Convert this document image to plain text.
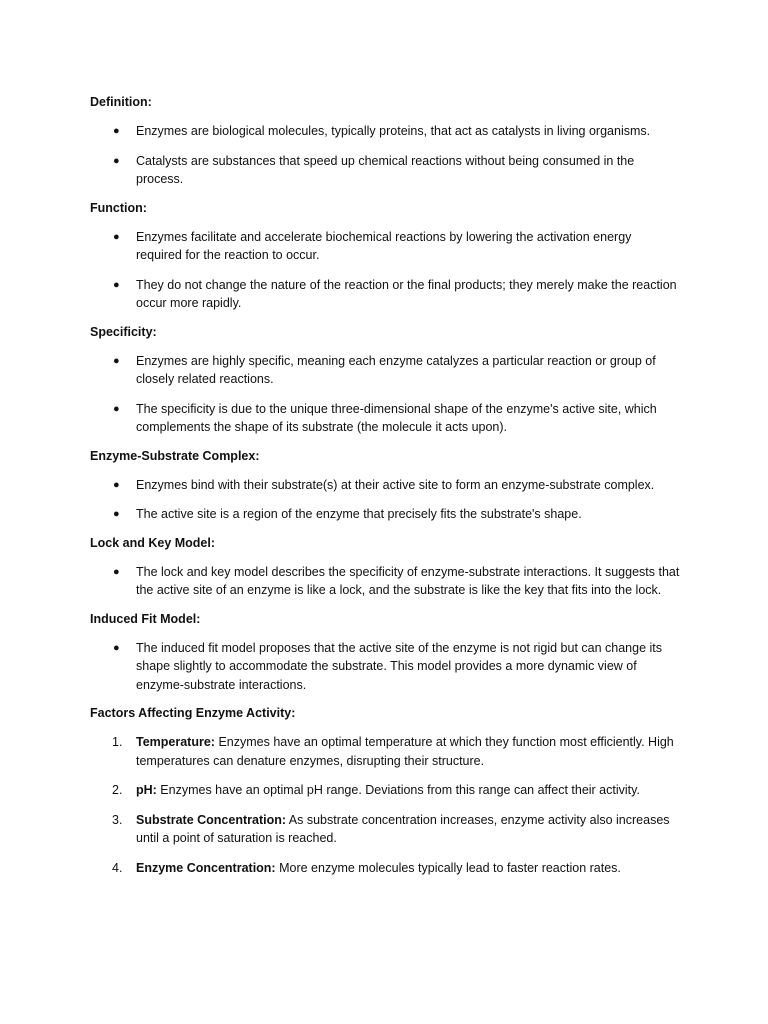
Definition:
● Enzymes are biological molecules, typically proteins, that act as catalysts in living organisms.
● Catalysts are substances that speed up chemical reactions without being consumed in the process.
Function:
● Enzymes facilitate and accelerate biochemical reactions by lowering the activation energy required for the reaction to occur.
● They do not change the nature of the reaction or the final products; they merely make the reaction occur more rapidly.
Specificity:
● Enzymes are highly specific, meaning each enzyme catalyzes a particular reaction or group of closely related reactions.
● The specificity is due to the unique three-dimensional shape of the enzyme's active site, which complements the shape of its substrate (the molecule it acts upon).
Enzyme-Substrate Complex:
● Enzymes bind with their substrate(s) at their active site to form an enzyme-substrate complex.
● The active site is a region of the enzyme that precisely fits the substrate's shape.
Lock and Key Model:
● The lock and key model describes the specificity of enzyme-substrate interactions. It suggests that the active site of an enzyme is like a lock, and the substrate is like the key that fits into the lock.
Induced Fit Model:
● The induced fit model proposes that the active site of the enzyme is not rigid but can change its shape slightly to accommodate the substrate. This model provides a more dynamic view of enzyme-substrate interactions.
Factors Affecting Enzyme Activity:
1. Temperature: Enzymes have an optimal temperature at which they function most efficiently. High temperatures can denature enzymes, disrupting their structure.
2. pH: Enzymes have an optimal pH range. Deviations from this range can affect their activity.
3. Substrate Concentration: As substrate concentration increases, enzyme activity also increases until a point of saturation is reached.
4. Enzyme Concentration: More enzyme molecules typically lead to faster reaction rates.
